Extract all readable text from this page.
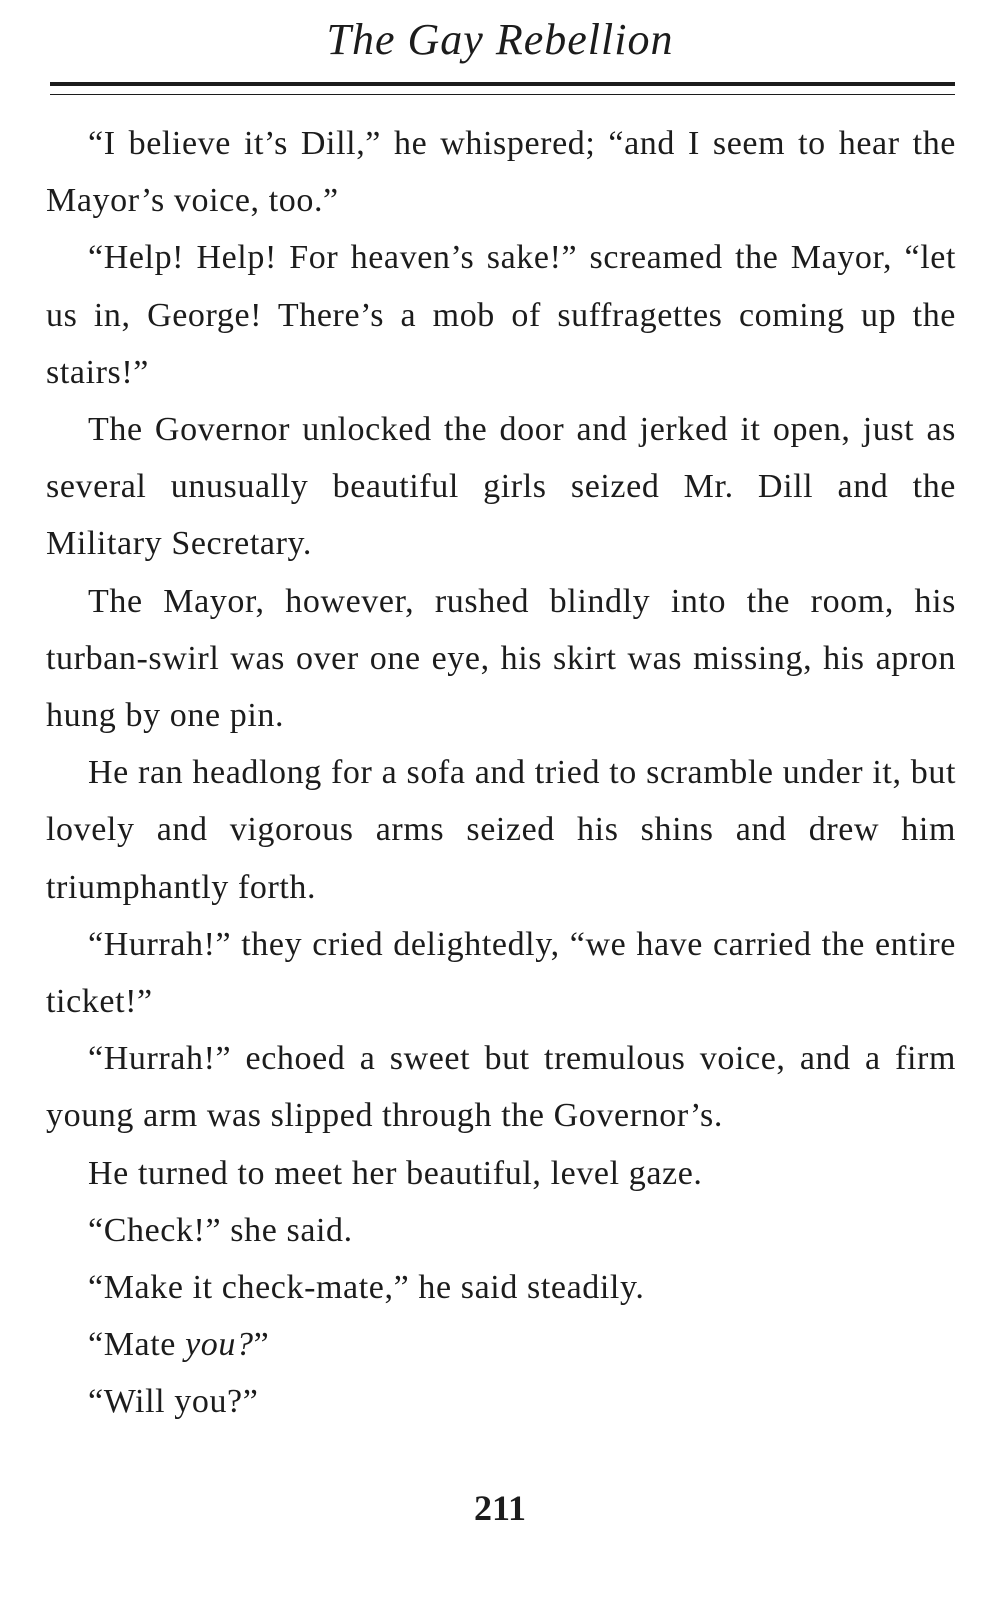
The Gay Rebellion

“I believe it’s Dill,” he whispered; “and I seem to hear the Mayor’s voice, too.”

“Help! Help! For heaven’s sake!” screamed the Mayor, “let us in, George! There’s a mob of suffragettes coming up the stairs!”

The Governor unlocked the door and jerked it open, just as several unusually beautiful girls seized Mr. Dill and the Military Secretary.

The Mayor, however, rushed blindly into the room, his turban-swirl was over one eye, his skirt was missing, his apron hung by one pin.

He ran headlong for a sofa and tried to scramble under it, but lovely and vigorous arms seized his shins and drew him triumphantly forth.

“Hurrah!” they cried delightedly, “we have carried the entire ticket!”

“Hurrah!” echoed a sweet but tremulous voice, and a firm young arm was slipped through the Governor’s.

He turned to meet her beautiful, level gaze.

“Check!” she said.

“Make it check-mate,” he said steadily.

“Mate you?”

“Will you?”

211
